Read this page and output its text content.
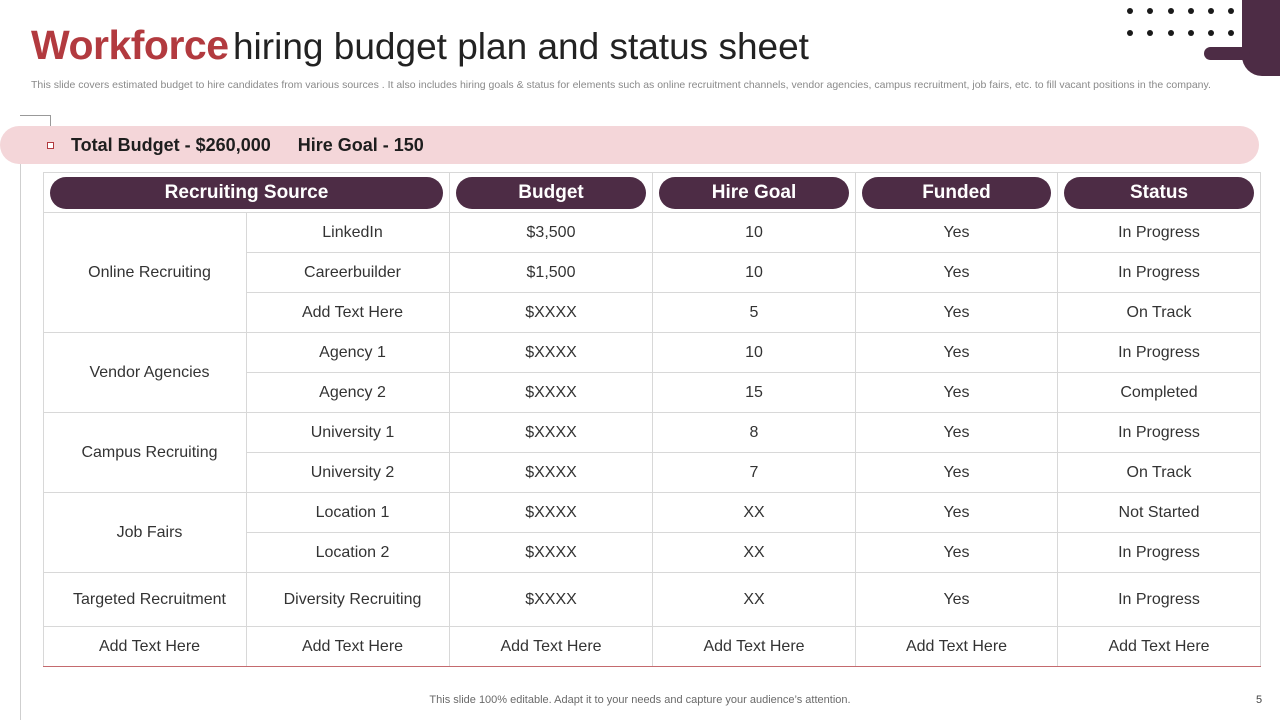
Workforce hiring budget plan and status sheet
This slide covers estimated budget to hire candidates from various sources . It also includes hiring goals & status for elements such as online recruitment channels, vendor agencies, campus recruitment, job fairs, etc. to fill vacant positions in the company.
Total Budget - $260,000 Hire Goal - 150
Recruiting Source		Budget	Hire Goal	Funded	Status

Online Recruiting	LinkedIn	$3,500	10	Yes	In Progress
	Careerbuilder	$1,500	10	Yes	In Progress
	Add Text Here	$XXXX	5	Yes	On Track
Vendor Agencies	Agency 1	$XXXX	10	Yes	In Progress
	Agency 2	$XXXX	15	Yes	Completed
Campus Recruiting	University 1	$XXXX	8	Yes	In Progress
	University 2	$XXXX	7	Yes	On Track
Job Fairs	Location 1	$XXXX	XX	Yes	Not Started
	Location 2	$XXXX	XX	Yes	In Progress
Targeted Recruitment	Diversity Recruiting	$XXXX	XX	Yes	In Progress
Add Text Here	Add Text Here	Add Text Here	Add Text Here	Add Text Here	Add Text Here
This slide 100% editable. Adapt it to your needs and capture your audience’s attention.	5
